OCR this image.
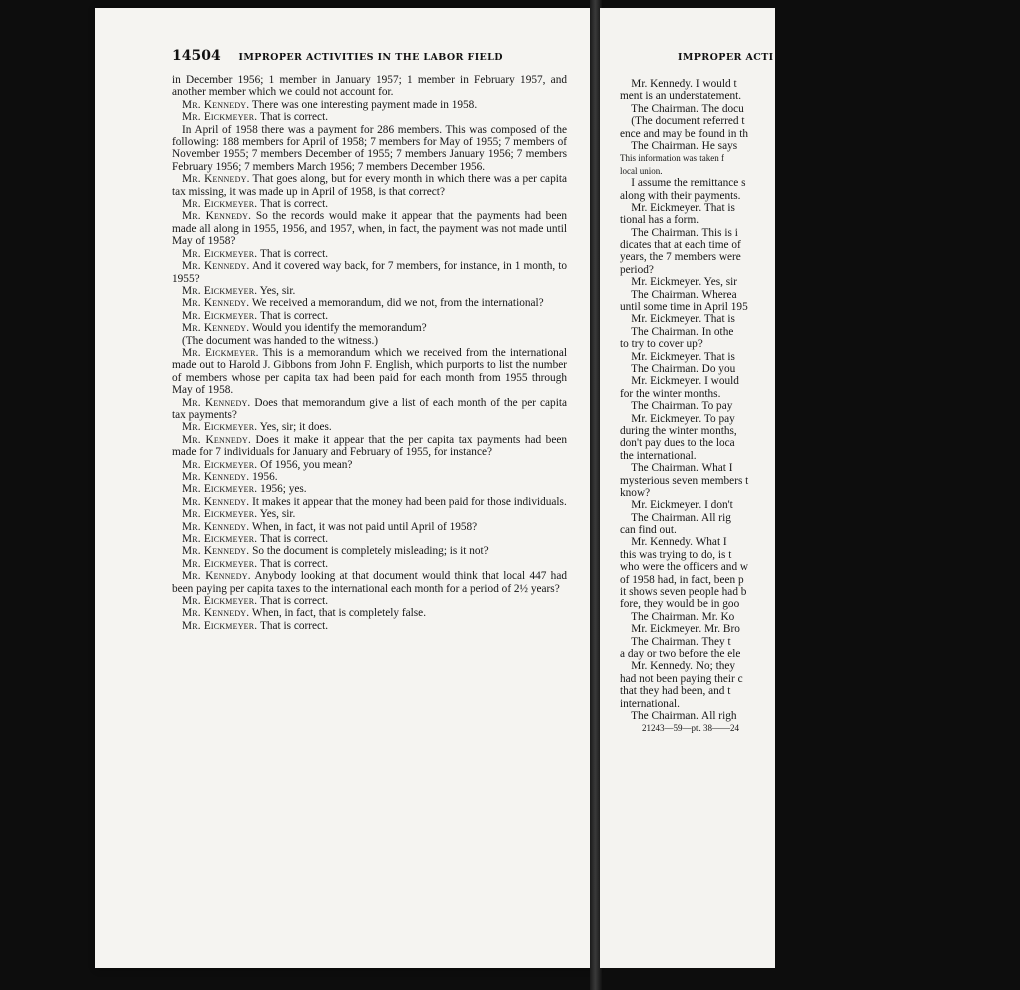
14504 IMPROPER ACTIVITIES IN THE LABOR FIELD

in December 1956; 1 member in January 1957; 1 member in February 1957, and another member which we could not account for.

Mr. Kennedy. There was one interesting payment made in 1958.

Mr. Eickmeyer. That is correct.

In April of 1958 there was a payment for 286 members. This was composed of the following: 188 members for April of 1958; 7 members for May of 1955; 7 members of November 1955; 7 members December of 1955; 7 members January 1956; 7 members February 1956; 7 members March 1956; 7 members December 1956.

Mr. Kennedy. That goes along, but for every month in which there was a per capita tax missing, it was made up in April of 1958, is that correct?

Mr. Eickmeyer. That is correct.

Mr. Kennedy. So the records would make it appear that the payments had been made all along in 1955, 1956, and 1957, when, in fact, the payment was not made until May of 1958?

Mr. Eickmeyer. That is correct.

Mr. Kennedy. And it covered way back, for 7 members, for instance, in 1 month, to 1955?

Mr. Eickmeyer. Yes, sir.

Mr. Kennedy. We received a memorandum, did we not, from the international?

Mr. Eickmeyer. That is correct.

Mr. Kennedy. Would you identify the memorandum?

(The document was handed to the witness.)

Mr. Eickmeyer. This is a memorandum which we received from the international made out to Harold J. Gibbons from John F. English, which purports to list the number of members whose per capita tax had been paid for each month from 1955 through May of 1958.

Mr. Kennedy. Does that memorandum give a list of each month of the per capita tax payments?

Mr. Eickmeyer. Yes, sir; it does.

Mr. Kennedy. Does it make it appear that the per capita tax payments had been made for 7 individuals for January and February of 1955, for instance?

Mr. Eickmeyer. Of 1956, you mean?

Mr. Kennedy. 1956.

Mr. Eickmeyer. 1956; yes.

Mr. Kennedy. It makes it appear that the money had been paid for those individuals.

Mr. Eickmeyer. Yes, sir.

Mr. Kennedy. When, in fact, it was not paid until April of 1958?

Mr. Eickmeyer. That is correct.

Mr. Kennedy. So the document is completely misleading; is it not?

Mr. Eickmeyer. That is correct.

Mr. Kennedy. Anybody looking at that document would think that local 447 had been paying per capita taxes to the international each month for a period of 2½ years?

Mr. Eickmeyer. That is correct.

Mr. Kennedy. When, in fact, that is completely false.

Mr. Eickmeyer. That is correct.

IMPROPER ACTI
Mr. Kennedy. I would t
ment is an understatement.
The Chairman. The docu
(The document referred t
ence and may be found in th
The Chairman. He says
This information was taken f
local union.
I assume the remittance s
along with their payments.
Mr. Eickmeyer. That is
tional has a form.
The Chairman. This is i
dicates that at each time of
years, the 7 members were
period?
Mr. Eickmeyer. Yes, sir
The Chairman. Wherea
until some time in April 195
Mr. Eickmeyer. That is
The Chairman. In othe
to try to cover up?
Mr. Eickmeyer. That is
The Chairman. Do you
Mr. Eickmeyer. I would
for the winter months.
The Chairman. To pay
Mr. Eickmeyer. To pay
during the winter months,
don't pay dues to the loca
the international.
The Chairman. What I
mysterious seven members t
know?
Mr. Eickmeyer. I don't
The Chairman. All rig
can find out.
Mr. Kennedy. What I
this was trying to do, is t
who were the officers and w
of 1958 had, in fact, been p
it shows seven people had b
fore, they would be in goo
The Chairman. Mr. Ko
Mr. Eickmeyer. Mr. Bro
The Chairman. They t
a day or two before the ele
Mr. Kennedy. No; they
had not been paying their c
that they had been, and t
international.
The Chairman. All righ
21243—59—pt. 38——24
